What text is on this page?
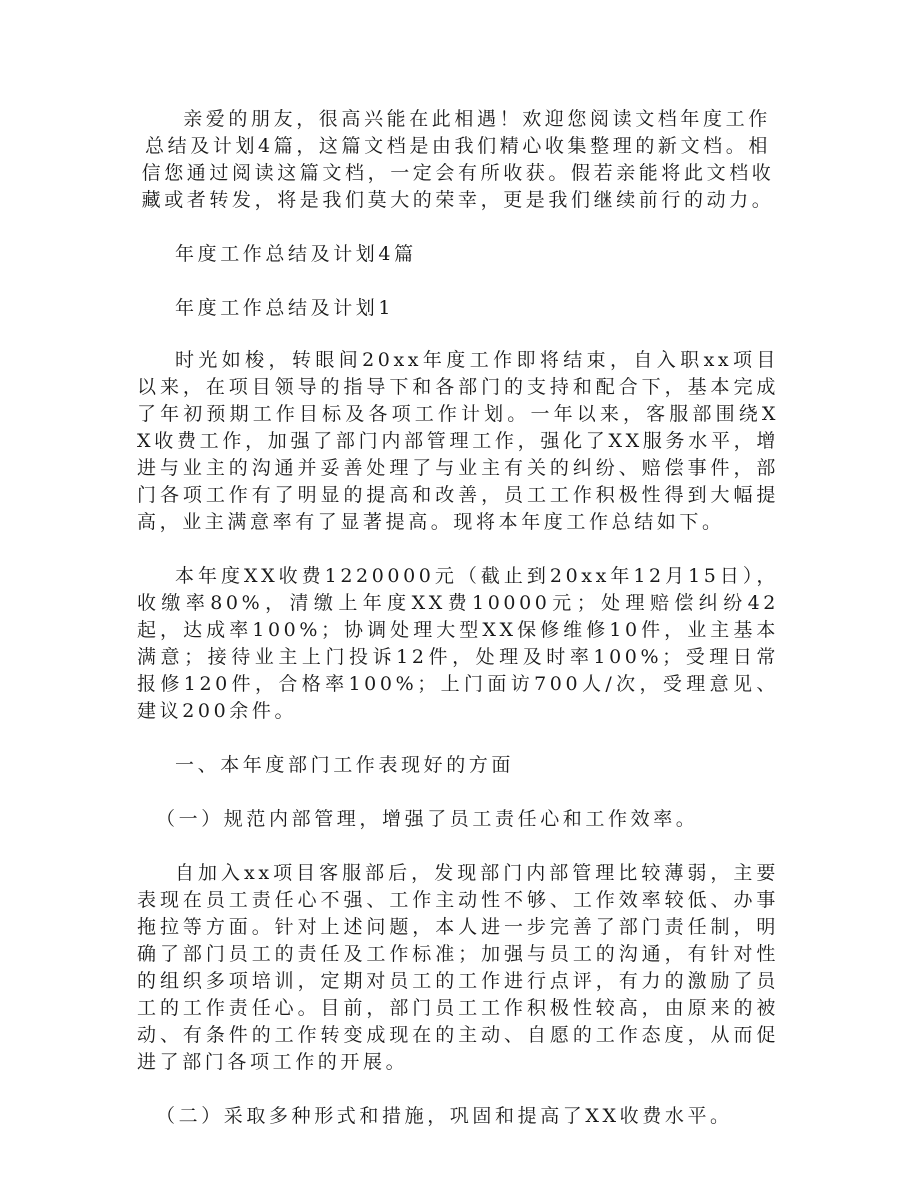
亲爱的朋友，很高兴能在此相遇！欢迎您阅读文档年度工作总结及计划4篇，这篇文档是由我们精心收集整理的新文档。相信您通过阅读这篇文档，一定会有所收获。假若亲能将此文档收藏或者转发，将是我们莫大的荣幸，更是我们继续前行的动力。

年度工作总结及计划4篇

年度工作总结及计划1

时光如梭，转眼间20xx年度工作即将结束，自入职xx项目以来，在项目领导的指导下和各部门的支持和配合下，基本完成了年初预期工作目标及各项工作计划。一年以来，客服部围绕XX收费工作，加强了部门内部管理工作，强化了XX服务水平，增进与业主的沟通并妥善处理了与业主有关的纠纷、赔偿事件，部门各项工作有了明显的提高和改善，员工工作积极性得到大幅提高，业主满意率有了显著提高。现将本年度工作总结如下。

本年度XX收费1220000元（截止到20xx年12月15日），收缴率80%，清缴上年度XX费10000元；处理赔偿纠纷42起，达成率100%；协调处理大型XX保修维修10件，业主基本满意；接待业主上门投诉12件，处理及时率100%；受理日常报修120件，合格率100%；上门面访700人/次，受理意见、建议200余件。

一、本年度部门工作表现好的方面

（一）规范内部管理，增强了员工责任心和工作效率。

自加入xx项目客服部后，发现部门内部管理比较薄弱，主要表现在员工责任心不强、工作主动性不够、工作效率较低、办事拖拉等方面。针对上述问题，本人进一步完善了部门责任制，明确了部门员工的责任及工作标准；加强与员工的沟通，有针对性的组织多项培训，定期对员工的工作进行点评，有力的激励了员工的工作责任心。目前，部门员工工作积极性较高，由原来的被动、有条件的工作转变成现在的主动、自愿的工作态度，从而促进了部门各项工作的开展。

（二）采取多种形式和措施，巩固和提高了XX收费水平。
